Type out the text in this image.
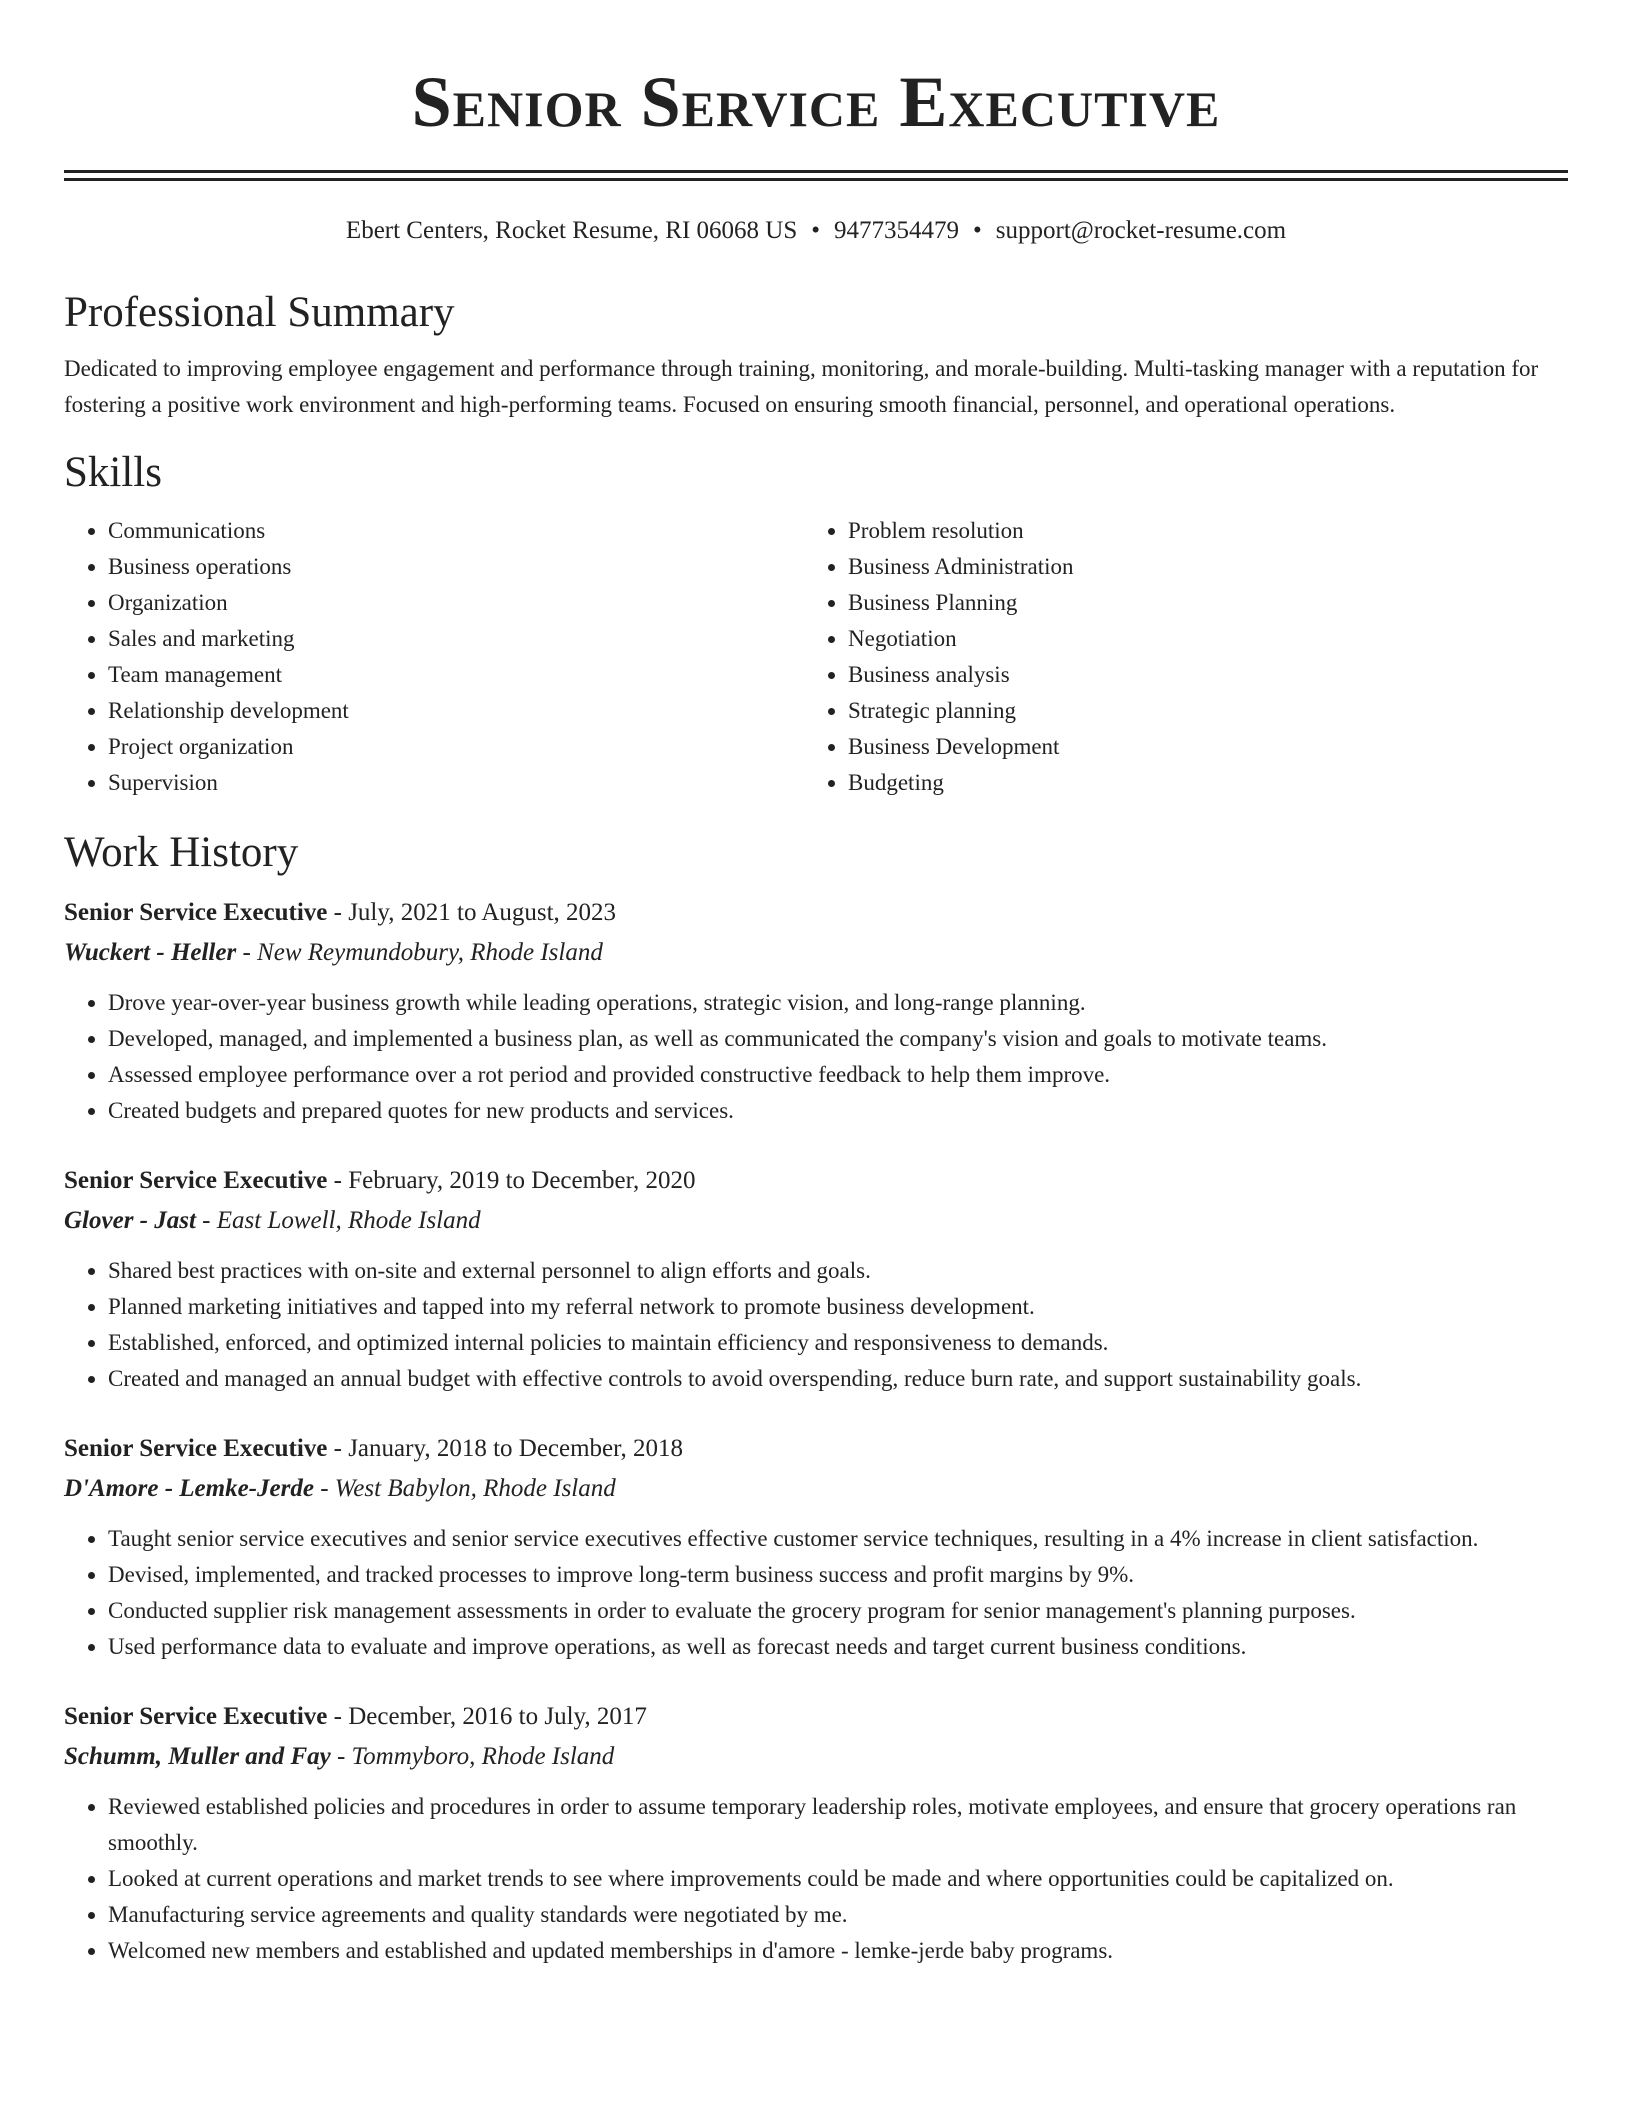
Senior Service Executive
Ebert Centers, Rocket Resume, RI 06068 US • 9477354479 • support@rocket-resume.com
Professional Summary
Dedicated to improving employee engagement and performance through training, monitoring, and morale-building. Multi-tasking manager with a reputation for fostering a positive work environment and high-performing teams. Focused on ensuring smooth financial, personnel, and operational operations.
Skills
• Communications
• Business operations
• Organization
• Sales and marketing
• Team management
• Relationship development
• Project organization
• Supervision
• Problem resolution
• Business Administration
• Business Planning
• Negotiation
• Business analysis
• Strategic planning
• Business Development
• Budgeting
Work History
Senior Service Executive - July, 2021 to August, 2023
Wuckert - Heller - New Reymundobury, Rhode Island
• Drove year-over-year business growth while leading operations, strategic vision, and long-range planning.
• Developed, managed, and implemented a business plan, as well as communicated the company's vision and goals to motivate teams.
• Assessed employee performance over a rot period and provided constructive feedback to help them improve.
• Created budgets and prepared quotes for new products and services.
Senior Service Executive - February, 2019 to December, 2020
Glover - Jast - East Lowell, Rhode Island
• Shared best practices with on-site and external personnel to align efforts and goals.
• Planned marketing initiatives and tapped into my referral network to promote business development.
• Established, enforced, and optimized internal policies to maintain efficiency and responsiveness to demands.
• Created and managed an annual budget with effective controls to avoid overspending, reduce burn rate, and support sustainability goals.
Senior Service Executive - January, 2018 to December, 2018
D'Amore - Lemke-Jerde - West Babylon, Rhode Island
• Taught senior service executives and senior service executives effective customer service techniques, resulting in a 4% increase in client satisfaction.
• Devised, implemented, and tracked processes to improve long-term business success and profit margins by 9%.
• Conducted supplier risk management assessments in order to evaluate the grocery program for senior management's planning purposes.
• Used performance data to evaluate and improve operations, as well as forecast needs and target current business conditions.
Senior Service Executive - December, 2016 to July, 2017
Schumm, Muller and Fay - Tommyboro, Rhode Island
• Reviewed established policies and procedures in order to assume temporary leadership roles, motivate employees, and ensure that grocery operations ran smoothly.
• Looked at current operations and market trends to see where improvements could be made and where opportunities could be capitalized on.
• Manufacturing service agreements and quality standards were negotiated by me.
• Welcomed new members and established and updated memberships in d'amore - lemke-jerde baby programs.
